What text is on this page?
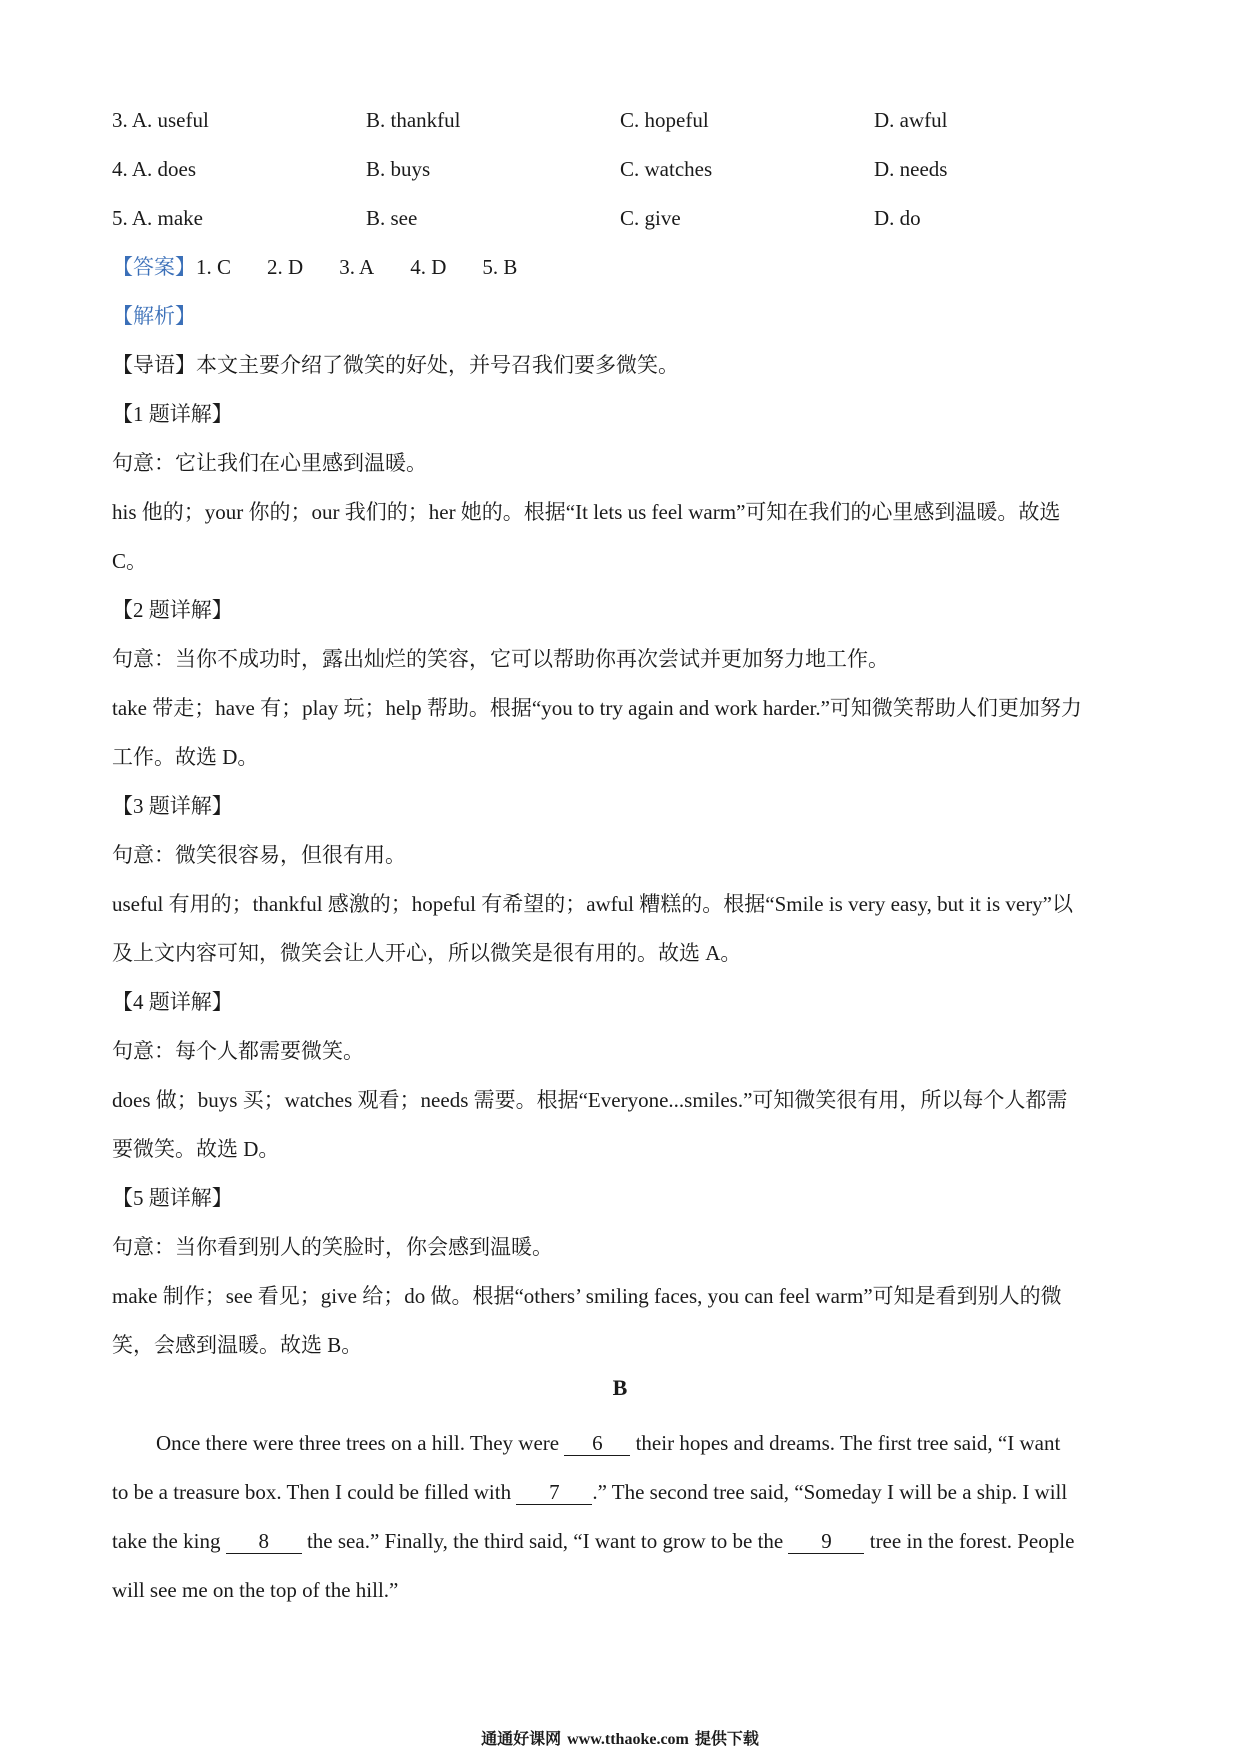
3. A. useful	B. thankful	C. hopeful	D. awful
4. A. does	B. buys	C. watches	D. needs
5. A. make	B. see	C. give	D. do
【答案】1. C 2. D 3. A 4. D 5. B
【解析】
【导语】本文主要介绍了微笑的好处，并号召我们要多微笑。
【1 题详解】
句意：它让我们在心里感到温暖。
his 他的；your 你的；our 我们的；her 她的。根据“It lets us feel warm”可知在我们的心里感到温暖。故选
C。
【2 题详解】
句意：当你不成功时，露出灿烂的笑容，它可以帮助你再次尝试并更加努力地工作。
take 带走；have 有；play 玩；help 帮助。根据“you to try again and work harder.”可知微笑帮助人们更加努力
工作。故选 D。
【3 题详解】
句意：微笑很容易，但很有用。
useful 有用的；thankful 感激的；hopeful 有希望的；awful 糟糕的。根据“Smile is very easy, but it is very”以
及上文内容可知，微笑会让人开心，所以微笑是很有用的。故选 A。
【4 题详解】
句意：每个人都需要微笑。
does 做；buys 买；watches 观看；needs 需要。根据“Everyone...smiles.”可知微笑很有用，所以每个人都需
要微笑。故选 D。
【5 题详解】
句意：当你看到别人的笑脸时，你会感到温暖。
make 制作；see 看见；give 给；do 做。根据“others’ smiling faces, you can feel warm”可知是看到别人的微
笑，会感到温暖。故选 B。
B
Once there were three trees on a hill. They were 6 their hopes and dreams. The first tree said, “I want
to be a treasure box. Then I could be filled with 7 .” The second tree said, “Someday I will be a ship. I will
take the king 8 the sea.” Finally, the third said, “I want to grow to be the 9 tree in the forest. People
will see me on the top of the hill.”
通通好课网 www.tthaoke.com 提供下载
